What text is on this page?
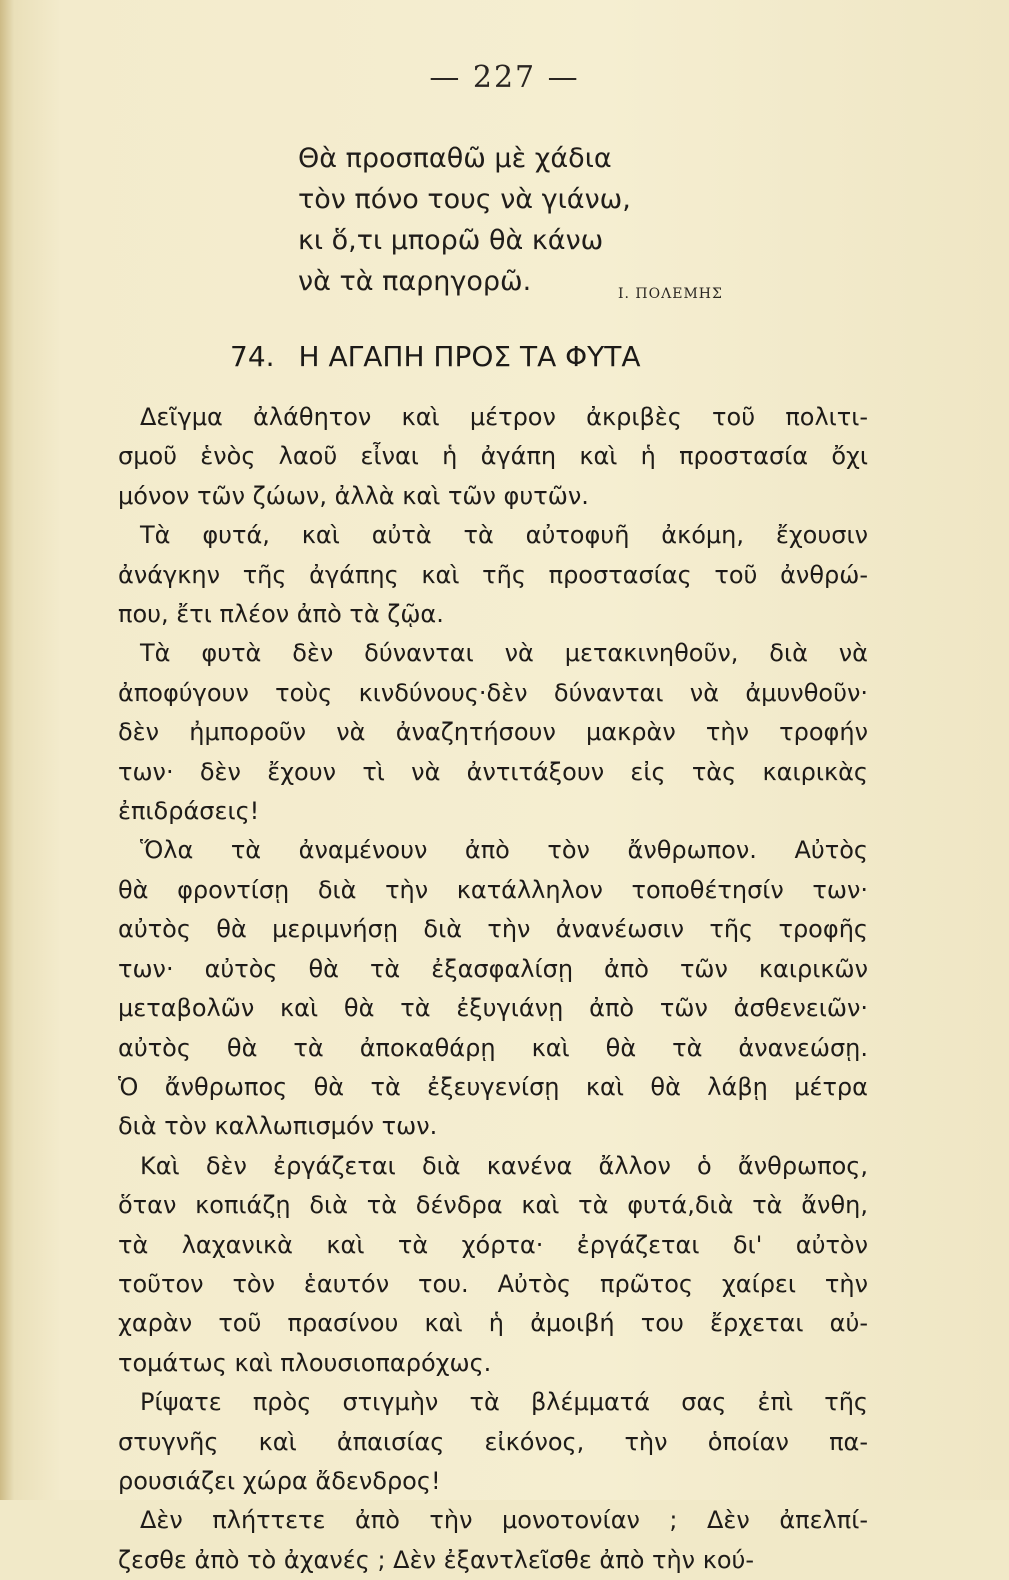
— 227 —
Θὰ προσπαθῶ μὲ χάδια
τὸν πόνο τους νὰ γιάνω,
κι ὅ,τι μπορῶ θὰ κάνω
νὰ τὰ παρηγορῶ.	Ι. ΠΟΛΕΜΗΣ
74. Η ΑΓΑΠΗ ΠΡΟΣ ΤΑ ΦΥΤΑ
Δεῖγμα ἀλάθητον καὶ μέτρον ἀκριβὲς τοῦ πολιτι-
σμοῦ ἑνὸς λαοῦ εἶναι ἡ ἀγάπη καὶ ἡ προστασία ὄχι
μόνον τῶν ζώων, ἀλλὰ καὶ τῶν φυτῶν.
Τὰ φυτά, καὶ αὐτὰ τὰ αὐτοφυῆ ἀκόμη, ἔχουσιν
ἀνάγκην τῆς ἀγάπης καὶ τῆς προστασίας τοῦ ἀνθρώ-
που, ἔτι πλέον ἀπὸ τὰ ζῷα.
Τὰ φυτὰ δὲν δύνανται νὰ μετακινηθοῦν, διὰ νὰ
ἀποφύγουν τοὺς κινδύνους·δὲν δύνανται νὰ ἀμυνθοῦν·
δὲν ἠμποροῦν νὰ ἀναζητήσουν μακρὰν τὴν τροφήν
των· δὲν ἔχουν τὶ νὰ ἀντιτάξουν εἰς τὰς καιρικὰς
ἐπιδράσεις!
Ὅλα τὰ ἀναμένουν ἀπὸ τὸν ἄνθρωπον. Αὐτὸς
θὰ φροντίσῃ διὰ τὴν κατάλληλον τοποθέτησίν των·
αὐτὸς θὰ μεριμνήσῃ διὰ τὴν ἀνανέωσιν τῆς τροφῆς
των· αὐτὸς θὰ τὰ ἐξασφαλίσῃ ἀπὸ τῶν καιρικῶν
μεταβολῶν καὶ θὰ τὰ ἐξυγιάνῃ ἀπὸ τῶν ἀσθενειῶν·
αὐτὸς θὰ τὰ ἀποκαθάρῃ καὶ θὰ τὰ ἀνανεώσῃ.
Ὁ ἄνθρωπος θὰ τὰ ἐξευγενίσῃ καὶ θὰ λάβῃ μέτρα
διὰ τὸν καλλωπισμόν των.
Καὶ δὲν ἐργάζεται διὰ κανένα ἄλλον ὁ ἄνθρωπος,
ὅταν κοπιάζῃ διὰ τὰ δένδρα καὶ τὰ φυτά,διὰ τὰ ἄνθη,
τὰ λαχανικὰ καὶ τὰ χόρτα· ἐργάζεται δι' αὐτὸν
τοῦτον τὸν ἑαυτόν του. Αὐτὸς πρῶτος χαίρει τὴν
χαρὰν τοῦ πρασίνου καὶ ἡ ἀμοιβή του ἔρχεται αὐ-
τομάτως καὶ πλουσιοπαρόχως.
Ρίψατε πρὸς στιγμὴν τὰ βλέμματά σας ἐπὶ τῆς
στυγνῆς καὶ ἀπαισίας εἰκόνος, τὴν ὁποίαν πα-
ρουσιάζει χώρα ἄδενδρος!
Δὲν πλήττετε ἀπὸ τὴν μονοτονίαν ; Δὲν ἀπελπί-
ζεσθε ἀπὸ τὸ ἀχανές ; Δὲν ἐξαντλεῖσθε ἀπὸ τὴν κού-
